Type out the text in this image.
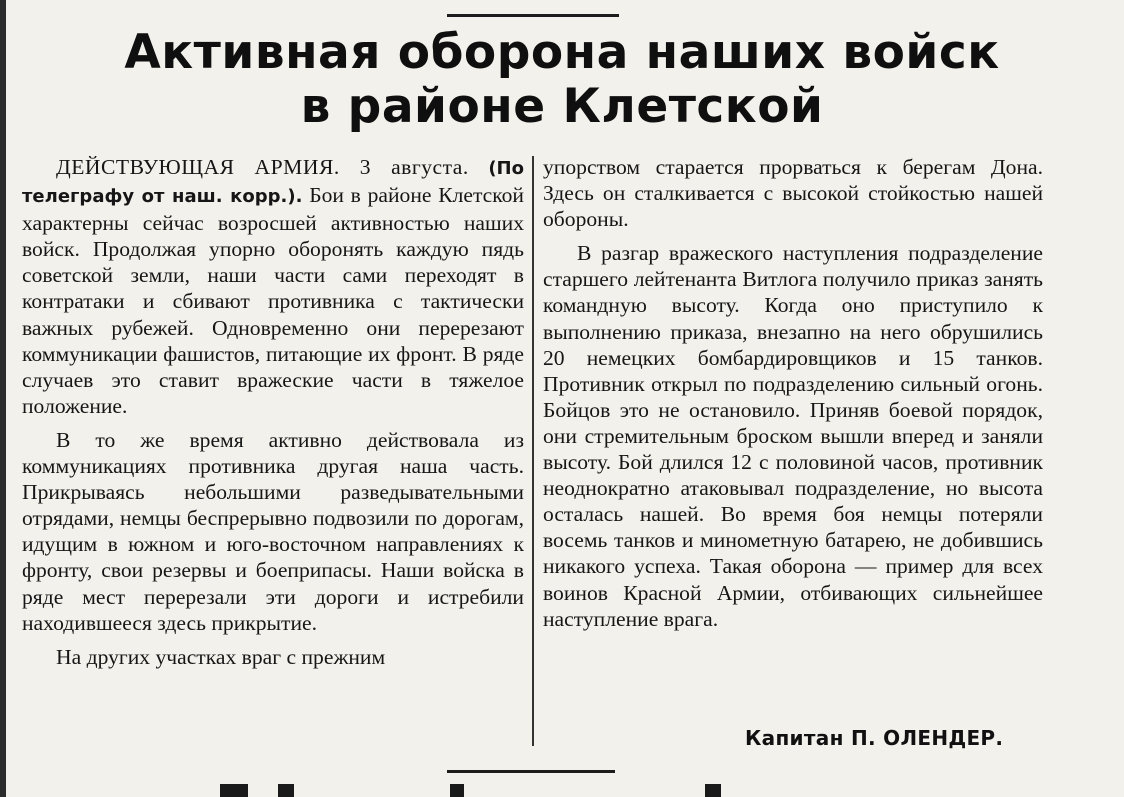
Активная оборона наших войск
в районе Клетской

ДЕЙСТВУЮЩАЯ АРМИЯ. 3 августа. (По телеграфу от наш. корр.). Бои в районе Клетской характерны сейчас возросшей активностью наших войск. Продолжая упорно оборонять каждую пядь советской земли, наши части сами переходят в контратаки и сбивают противника с тактически важных рубежей. Одновременно они перерезают коммуникации фашистов, питающие их фронт. В ряде случаев это ставит вражеские части в тяжелое положение.

В то же время активно действовала из коммуникациях противника другая наша часть. Прикрываясь небольшими разведывательными отрядами, немцы беспрерывно подвозили по дорогам, идущим в южном и юго-восточном направлениях к фронту, свои резервы и боеприпасы. Наши войска в ряде мест перерезали эти дороги и истребили находившееся здесь прикрытие.

На других участках враг с прежним

упорством старается прорваться к берегам Дона. Здесь он сталкивается с высокой стойкостью нашей обороны.

В разгар вражеского наступления подразделение старшего лейтенанта Витлога получило приказ занять командную высоту. Когда оно приступило к выполнению приказа, внезапно на него обрушились 20 немецких бомбардировщиков и 15 танков. Противник открыл по подразделению сильный огонь. Бойцов это не остановило. Приняв боевой порядок, они стремительным броском вышли вперед и заняли высоту. Бой длился 12 с половиной часов, противник неоднократно атаковывал подразделение, но высота осталась нашей. Во время боя немцы потеряли восемь танков и минометную батарею, не добившись никакого успеха. Такая оборона — пример для всех воинов Красной Армии, отбивающих сильнейшее наступление врага.

Капитан П. ОЛЕНДЕР.
